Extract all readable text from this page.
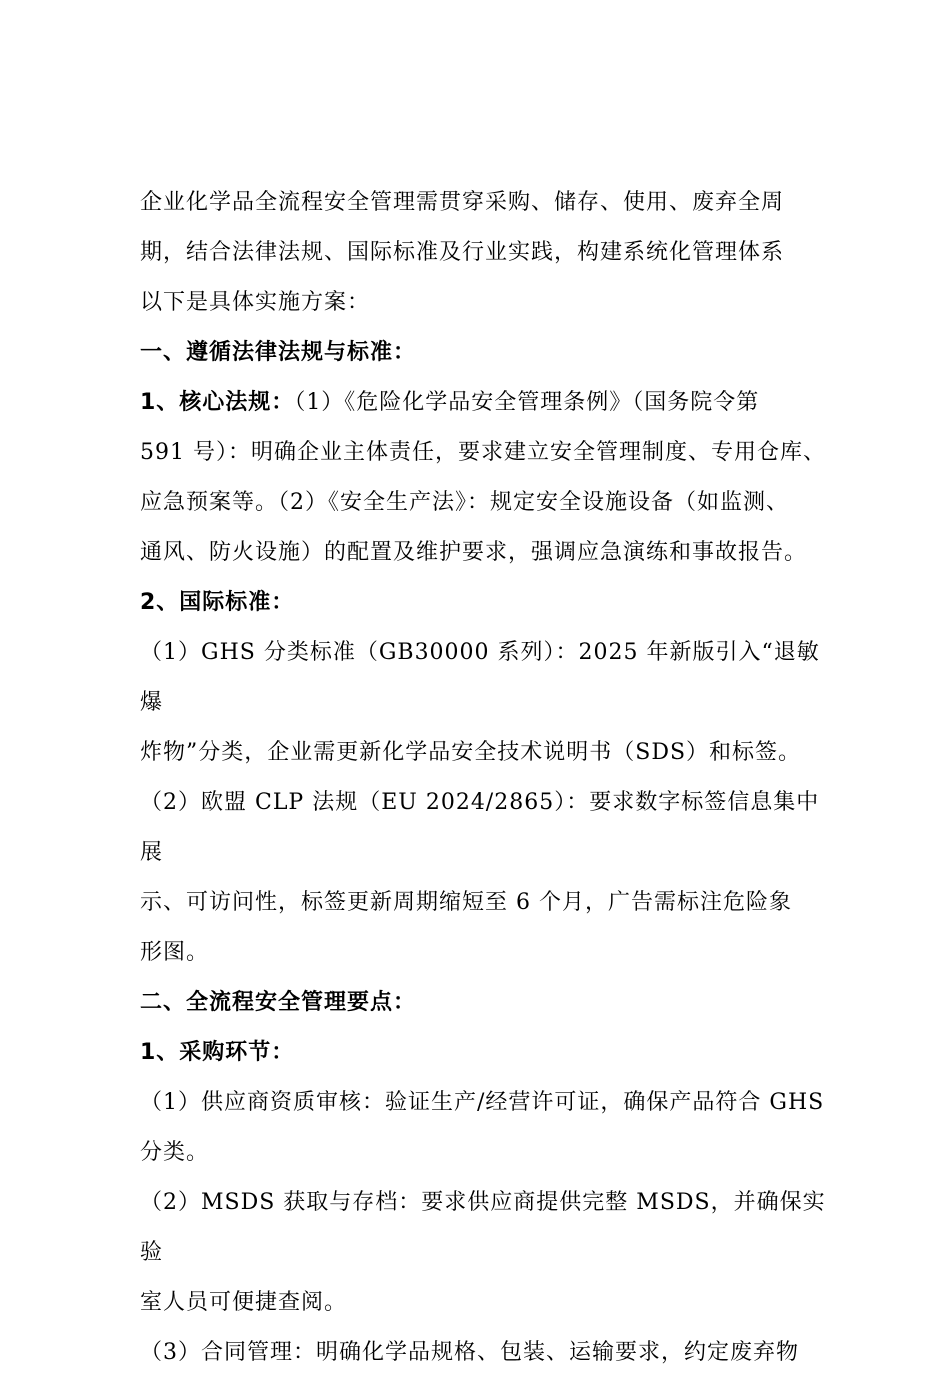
企业化学品全流程安全管理需贯穿采购、储存、使用、废弃全周

期，结合法律法规、国际标准及行业实践，构建系统化管理体系

以下是具体实施方案：

一、遵循法律法规与标准：

1、核心法规：（1）《危险化学品安全管理条例》（国务院令第

591 号）：明确企业主体责任，要求建立安全管理制度、专用仓库、

应急预案等。（2）《安全生产法》：规定安全设施设备（如监测、

通风、防火设施）的配置及维护要求，强调应急演练和事故报告。

2、国际标准：

（1）GHS 分类标准（GB30000 系列）：2025 年新版引入“退敏爆

炸物”分类，企业需更新化学品安全技术说明书（SDS）和标签。

（2）欧盟 CLP 法规（EU 2024/2865）：要求数字标签信息集中展

示、可访问性，标签更新周期缩短至 6 个月，广告需标注危险象

形图。

二、全流程安全管理要点：

1、采购环节：

（1）供应商资质审核：验证生产/经营许可证，确保产品符合 GHS

分类。

（2）MSDS 获取与存档：要求供应商提供完整 MSDS，并确保实验

室人员可便捷查阅。

（3）合同管理：明确化学品规格、包装、运输要求，约定废弃物
